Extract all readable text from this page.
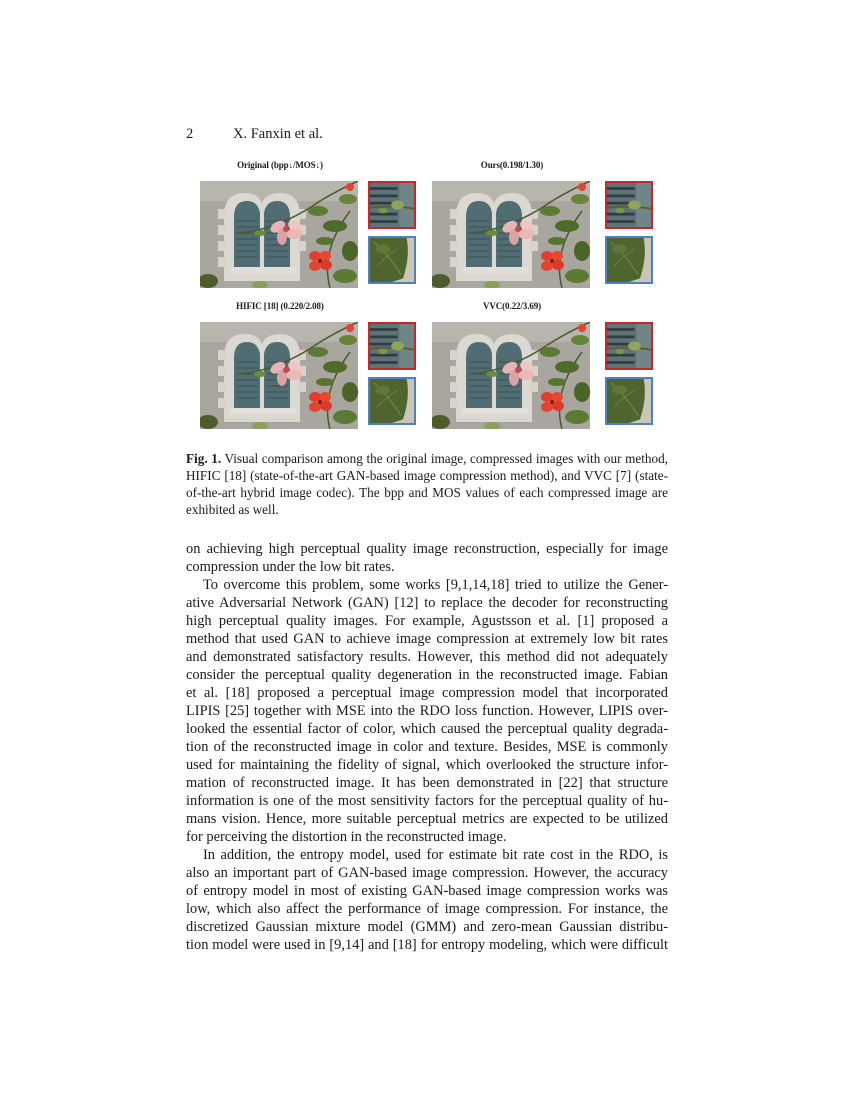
2	X. Fanxin et al.
Original (bpp↓/MOS↓)	Ours(0.198/1.30)
HIFIC [18] (0.220/2.08)	VVC(0.22/3.69)
Fig. 1. Visual comparison among the original image, compressed images with our method, HIFIC [18] (state-of-the-art GAN-based image compression method), and VVC [7] (state-of-the-art hybrid image codec). The bpp and MOS values of each compressed image are exhibited as well.
on achieving high perceptual quality image reconstruction, especially for image
compression under the low bit rates.
To overcome this problem, some works [9,1,14,18] tried to utilize the Gener-
ative Adversarial Network (GAN) [12] to replace the decoder for reconstructing
high perceptual quality images. For example, Agustsson et al. [1] proposed a
method that used GAN to achieve image compression at extremely low bit rates
and demonstrated satisfactory results. However, this method did not adequately
consider the perceptual quality degeneration in the reconstructed image. Fabian
et al. [18] proposed a perceptual image compression model that incorporated
LIPIS [25] together with MSE into the RDO loss function. However, LIPIS over-
looked the essential factor of color, which caused the perceptual quality degrada-
tion of the reconstructed image in color and texture. Besides, MSE is commonly
used for maintaining the fidelity of signal, which overlooked the structure infor-
mation of reconstructed image. It has been demonstrated in [22] that structure
information is one of the most sensitivity factors for the perceptual quality of hu-
mans vision. Hence, more suitable perceptual metrics are expected to be utilized
for perceiving the distortion in the reconstructed image.
In addition, the entropy model, used for estimate bit rate cost in the RDO, is
also an important part of GAN-based image compression. However, the accuracy
of entropy model in most of existing GAN-based image compression works was
low, which also affect the performance of image compression. For instance, the
discretized Gaussian mixture model (GMM) and zero-mean Gaussian distribu-
tion model were used in [9,14] and [18] for entropy modeling, which were difficult
